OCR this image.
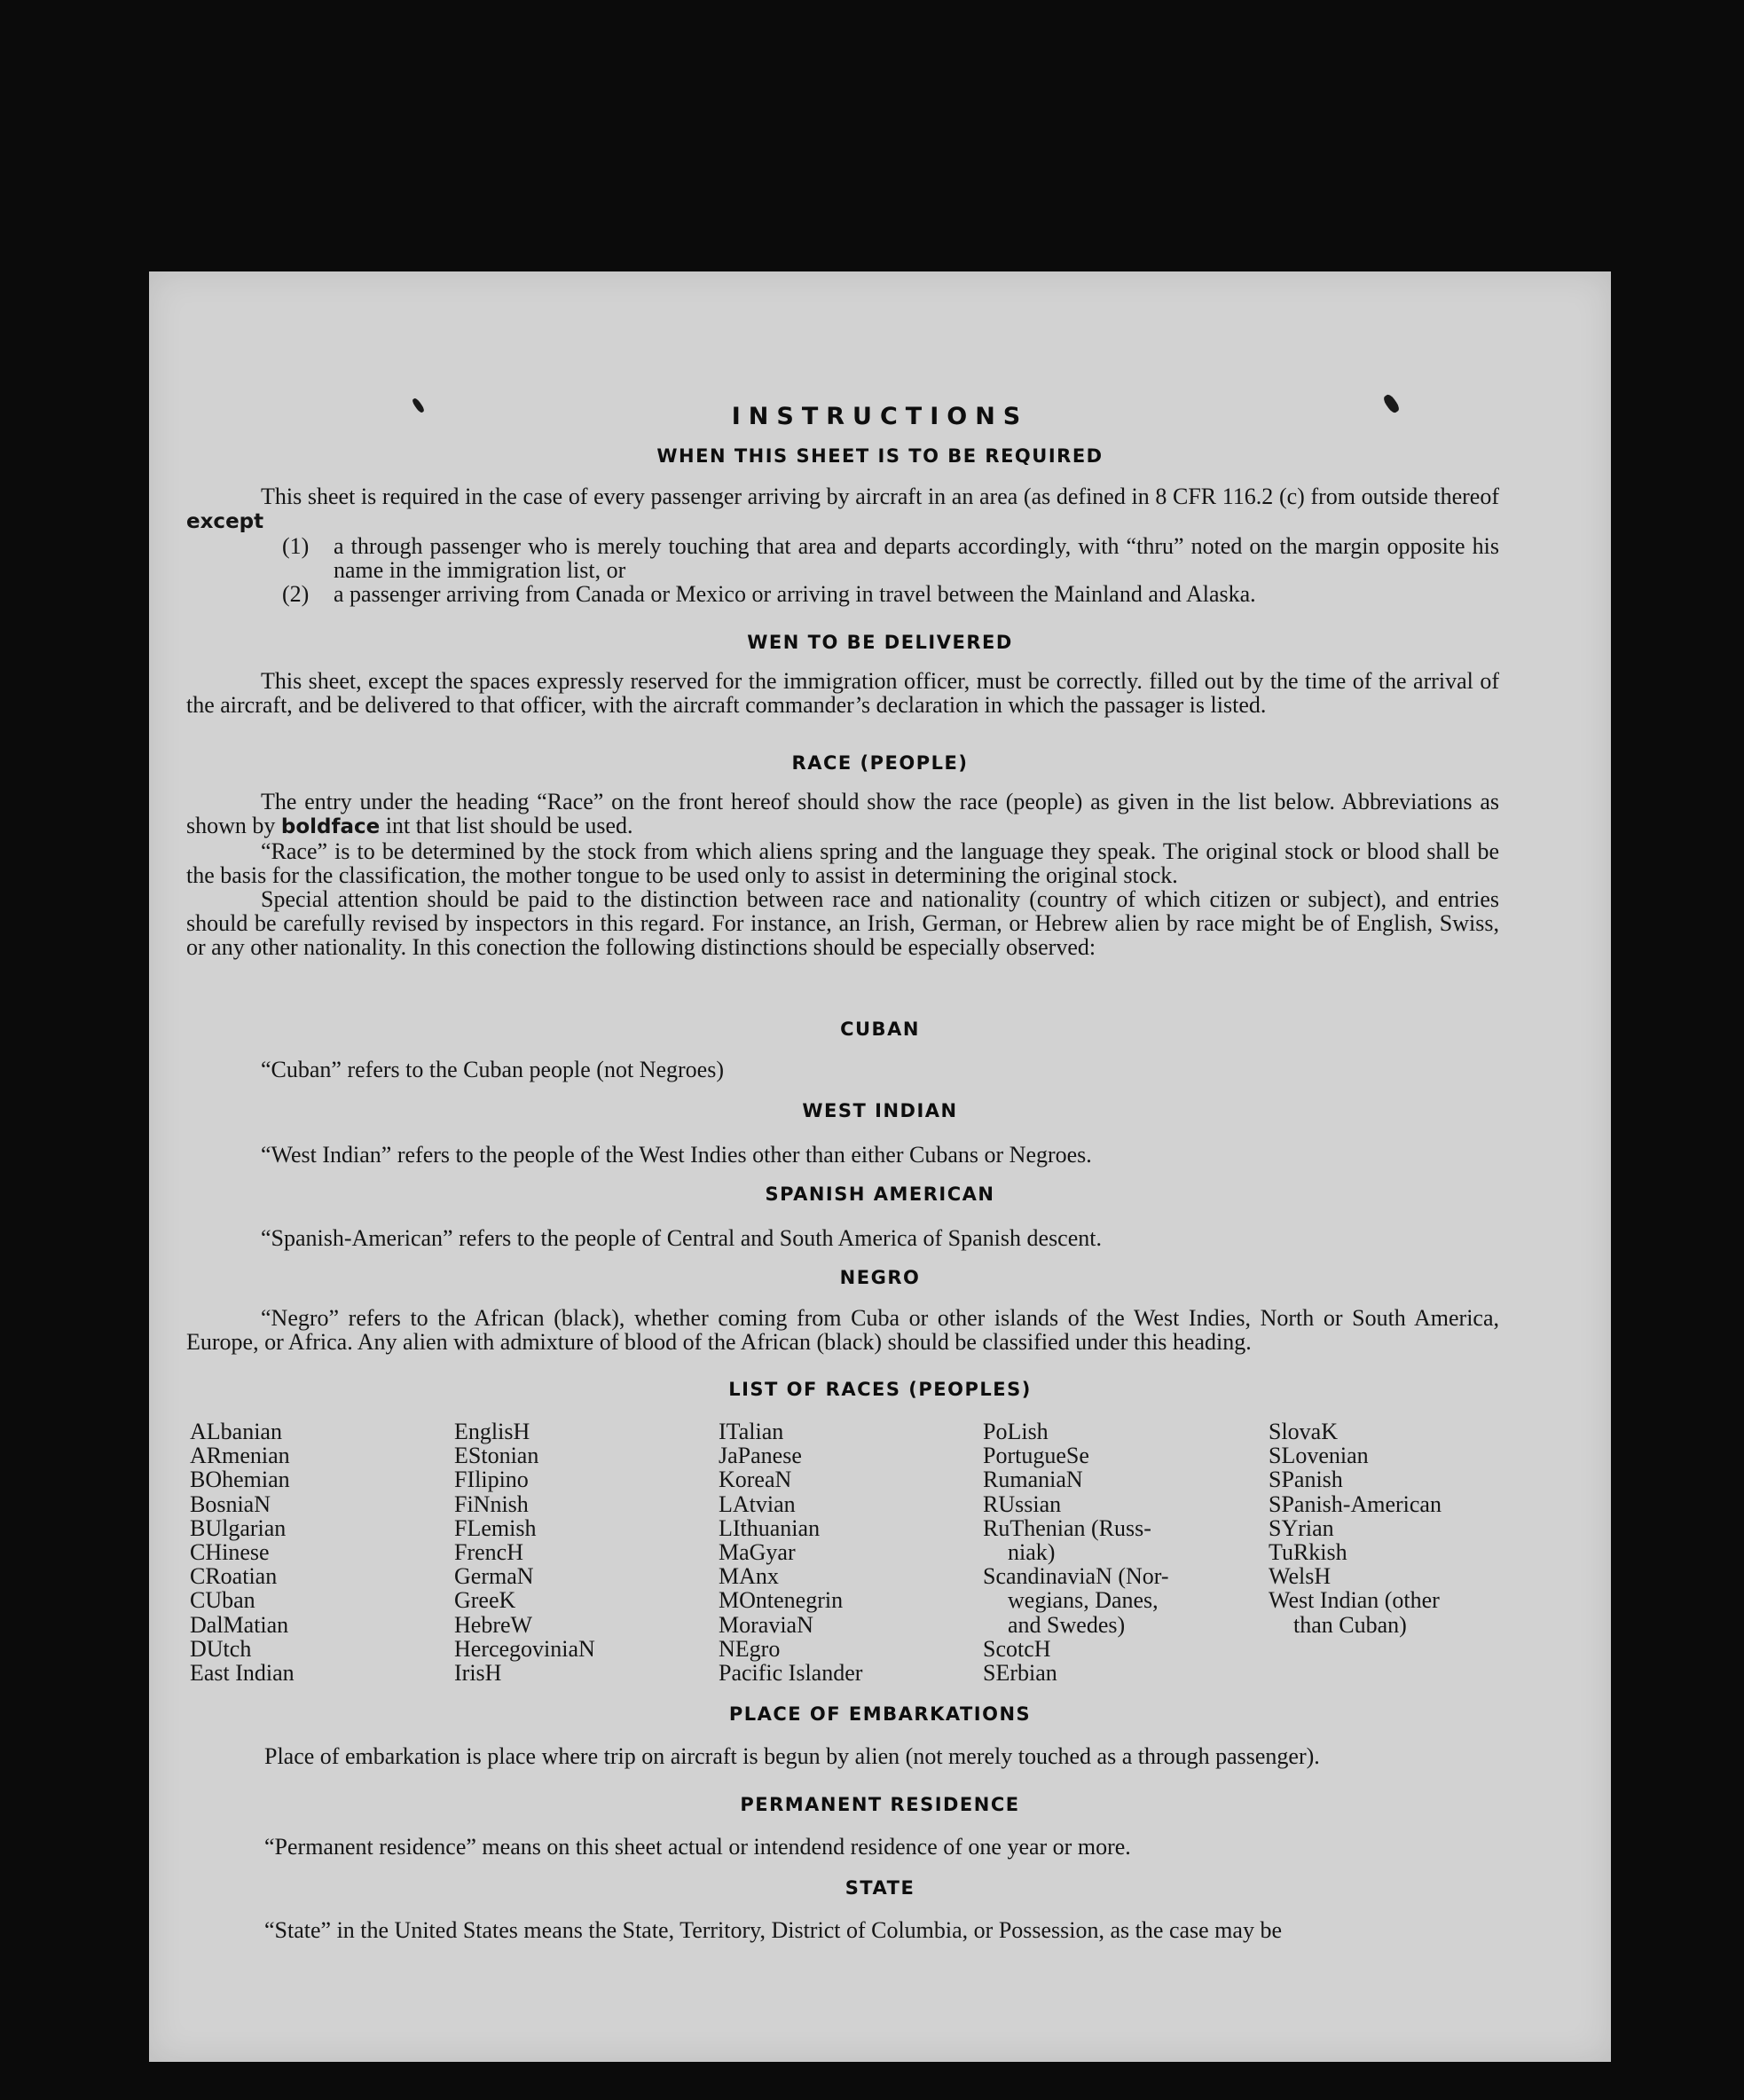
INSTRUCTIONS
WHEN THIS SHEET IS TO BE REQUIRED

This sheet is required in the case of every passenger arriving by aircraft in an area (as defined in 8 CFR 116.2 (c) from outside thereof except

(1)	a through passenger who is merely touching that area and departs accordingly, with “thru” noted on the margin opposite his name in the immigration list, or
(2)	a passenger arriving from Canada or Mexico or arriving in travel between the Mainland and Alaska.
WEN TO BE DELIVERED

This sheet, except the spaces expressly reserved for the immigration officer, must be correctly. filled out by the time of the arrival of the aircraft, and be delivered to that officer, with the aircraft commander’s declaration in which the passager is listed.

RACE (PEOPLE)

The entry under the heading “Race” on the front hereof should show the race (people) as given in the list below. Abbreviations as shown by boldface int that list should be used.

“Race” is to be determined by the stock from which aliens spring and the language they speak. The original stock or blood shall be the basis for the classification, the mother tongue to be used only to assist in determining the original stock.

Special attention should be paid to the distinction between race and nationality (country of which citizen or subject), and entries should be carefully revised by inspectors in this regard. For instance, an Irish, German, or Hebrew alien by race might be of English, Swiss, or any other nationality. In this conection the following distinctions should be especially observed:

CUBAN

“Cuban” refers to the Cuban people (not Negroes)

WEST INDIAN

“West Indian” refers to the people of the West Indies other than either Cubans or Negroes.

SPANISH AMERICAN

“Spanish-American” refers to the people of Central and South America of Spanish descent.

NEGRO

“Negro” refers to the African (black), whether coming from Cuba or other islands of the West Indies, North or South America, Europe, or Africa. Any alien with admixture of blood of the African (black) should be classified under this heading.

LIST OF RACES (PEOPLES)
ALbanian
ARmenian
BOhemian
BosniaN
BUlgarian
CHinese
CRoatian
CUban
DalMatian
DUtch
East Indian
EnglisH
EStonian
FIlipino
FiNnish
FLemish
FrencH
GermaN
GreeK
HebreW
HercegoviniaN
IrisH
ITalian
JaPanese
KoreaN
LAtvian
LIthuanian
MaGyar
MAnx
MOntenegrin
MoraviaN
NEgro
Pacific Islander
PoLish
PortugueSe
RumaniaN
RUssian
RuThenian (Russ-
niak)
ScandinaviaN (Nor-
wegians, Danes,
and Swedes)
ScotcH
SErbian
SlovaK
SLovenian
SPanish
SPanish-American
SYrian
TuRkish
WelsH
West Indian (other
than Cuban)
PLACE OF EMBARKATIONS

Place of embarkation is place where trip on aircraft is begun by alien (not merely touched as a through passenger).

PERMANENT RESIDENCE

“Permanent residence” means on this sheet actual or intendend residence of one year or more.

STATE

“State” in the United States means the State, Territory, District of Columbia, or Possession, as the case may be
